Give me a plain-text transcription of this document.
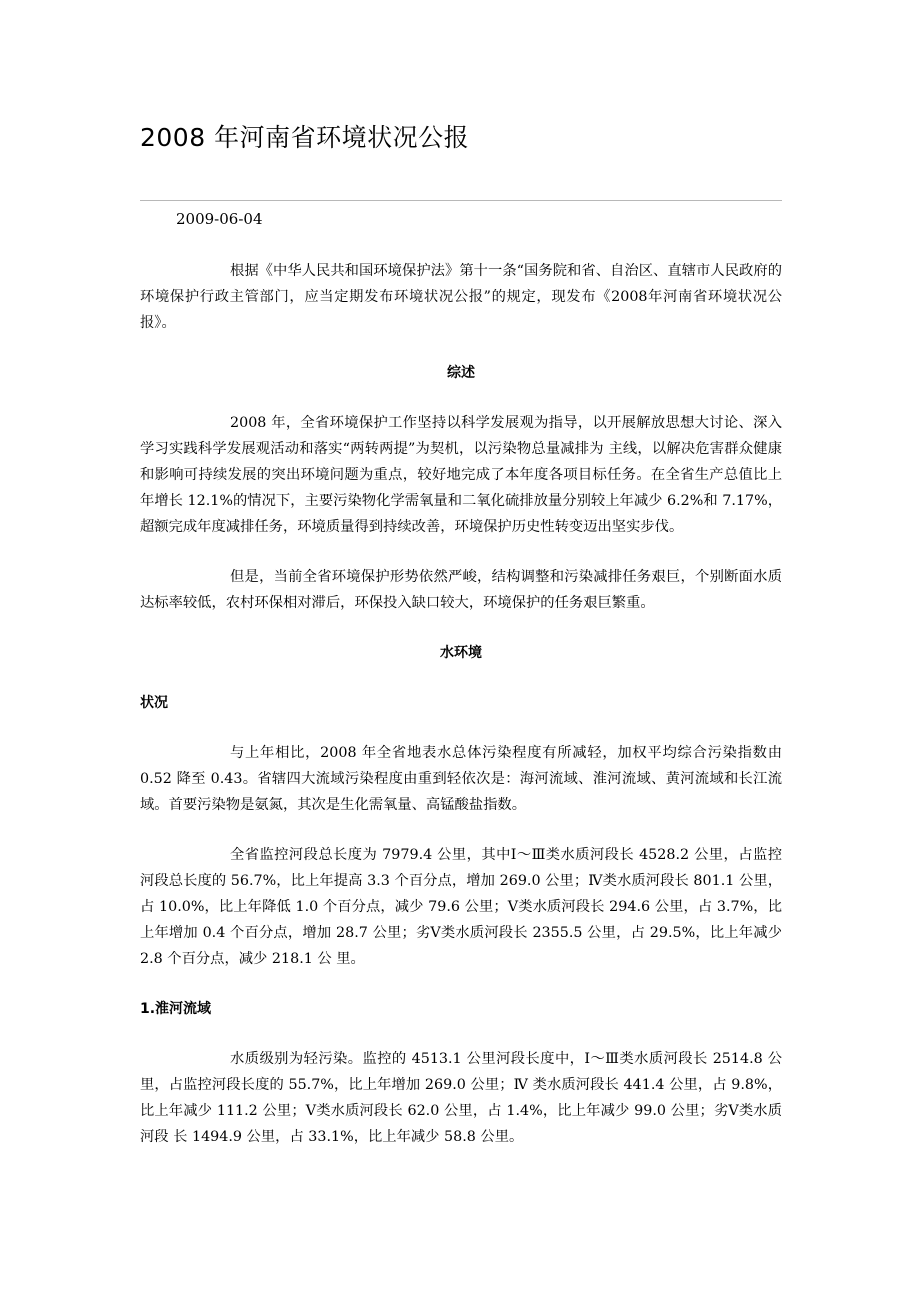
2008 年河南省环境状况公报
2009-06-04

根据《中华人民共和国环境保护法》第十一条“国务院和省、自治区、直辖市人民政府的环境保护行政主管部门，应当定期发布环境状况公报”的规定，现发布《2008年河南省环境状况公报》。

综述

2008 年，全省环境保护工作坚持以科学发展观为指导，以开展解放思想大讨论、深入学习实践科学发展观活动和落实“两转两提”为契机，以污染物总量减排为 主线，以解决危害群众健康和影响可持续发展的突出环境问题为重点，较好地完成了本年度各项目标任务。在全省生产总值比上年增长 12.1%的情况下，主要污染物化学需氧量和二氧化硫排放量分别较上年减少 6.2%和 7.17%，超额完成年度减排任务，环境质量得到持续改善，环境保护历史性转变迈出坚实步伐。

但是，当前全省环境保护形势依然严峻，结构调整和污染减排任务艰巨，个别断面水质达标率较低，农村环保相对滞后，环保投入缺口较大，环境保护的任务艰巨繁重。

水环境
状况

与上年相比，2008 年全省地表水总体污染程度有所减轻，加权平均综合污染指数由 0.52 降至 0.43。省辖四大流域污染程度由重到轻依次是：海河流域、淮河流域、黄河流域和长江流域。首要污染物是氨氮，其次是生化需氧量、高锰酸盐指数。

全省监控河段总长度为 7979.4 公里，其中Ⅰ～Ⅲ类水质河段长 4528.2 公里，占监控河段总长度的 56.7%，比上年提高 3.3 个百分点，增加 269.0 公里；Ⅳ类水质河段长 801.1 公里，占 10.0%，比上年降低 1.0 个百分点，减少 79.6 公里；Ⅴ类水质河段长 294.6 公里，占 3.7%，比上年增加 0.4 个百分点，增加 28.7 公里；劣Ⅴ类水质河段长 2355.5 公里，占 29.5%，比上年减少 2.8 个百分点，减少 218.1 公 里。

1.淮河流域

水质级别为轻污染。监控的 4513.1 公里河段长度中，Ⅰ～Ⅲ类水质河段长 2514.8 公里，占监控河段长度的 55.7%，比上年增加 269.0 公里；Ⅳ 类水质河段长 441.4 公里，占 9.8%，比上年减少 111.2 公里；Ⅴ类水质河段长 62.0 公里，占 1.4%，比上年减少 99.0 公里；劣Ⅴ类水质河段 长 1494.9 公里，占 33.1%，比上年减少 58.8 公里。
